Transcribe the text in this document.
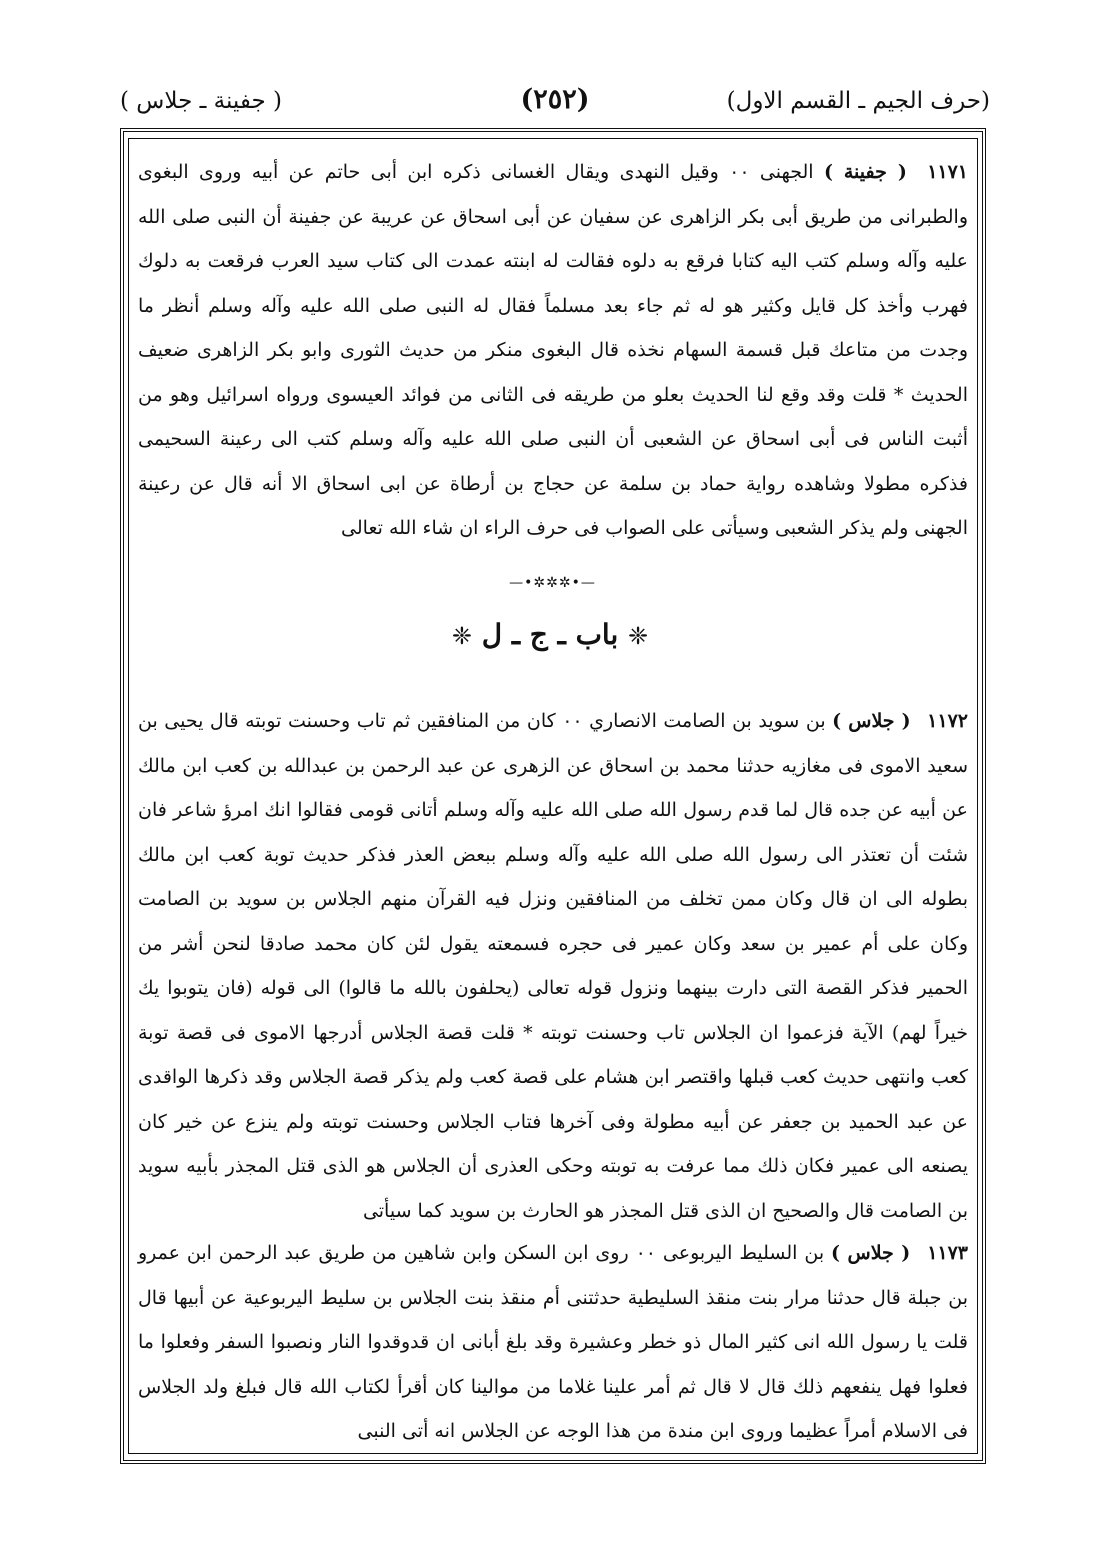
(حرف الجيم ـ القسم الاول)
(٢٥٢)
( جفينة ـ جلاس )

١١٧١ ( جفينة ) الجهنى ٠٠ وقيل النهدى ويقال الغسانى ذكره ابن أبى حاتم عن أبيه وروى البغوى والطبرانى من طريق أبى بكر الزاهرى عن سفيان عن أبى اسحاق عن عريبة عن جفينة أن النبى صلى الله عليه وآله وسلم كتب اليه كتابا فرقع به دلوه فقالت له ابنته عمدت الى كتاب سيد العرب فرقعت به دلوك فهرب وأخذ كل قايل وكثير هو له ثم جاء بعد مسلماً فقال له النبى صلى الله عليه وآله وسلم أنظر ما وجدت من متاعك قبل قسمة السهام نخذه قال البغوى منكر من حديث الثورى وابو بكر الزاهرى ضعيف الحديث * قلت وقد وقع لنا الحديث بعلو من طريقه فى الثانى من فوائد العيسوى ورواه اسرائيل وهو من أثبت الناس فى أبى اسحاق عن الشعبى أن النبى صلى الله عليه وآله وسلم كتب الى رعينة السحيمى فذكره مطولا وشاهده رواية حماد بن سلمة عن حجاج بن أرطاة عن ابى اسحاق الا أنه قال عن رعينة الجهنى ولم يذكر الشعبى وسيأتى على الصواب فى حرف الراء ان شاء الله تعالى

—•✲✲✲•—
❈ باب ـ ج ـ ل ❈

١١٧٢ ( جلاس ) بن سويد بن الصامت الانصاري ٠٠ كان من المنافقين ثم تاب وحسنت توبته قال يحيى بن سعيد الاموى فى مغازيه حدثنا محمد بن اسحاق عن الزهرى عن عبد الرحمن بن عبدالله بن كعب ابن مالك عن أبيه عن جده قال لما قدم رسول الله صلى الله عليه وآله وسلم أتانى قومى فقالوا انك امرؤ شاعر فان شئت أن تعتذر الى رسول الله صلى الله عليه وآله وسلم ببعض العذر فذكر حديث توبة كعب ابن مالك بطوله الى ان قال وكان ممن تخلف من المنافقين ونزل فيه القرآن منهم الجلاس بن سويد بن الصامت وكان على أم عمير بن سعد وكان عمير فى حجره فسمعته يقول لئن كان محمد صادقا لنحن أشر من الحمير فذكر القصة التى دارت بينهما ونزول قوله تعالى (يحلفون بالله ما قالوا) الى قوله (فان يتوبوا يك خيراً لهم) الآية فزعموا ان الجلاس تاب وحسنت توبته * قلت قصة الجلاس أدرجها الاموى فى قصة توبة كعب وانتهى حديث كعب قبلها واقتصر ابن هشام على قصة كعب ولم يذكر قصة الجلاس وقد ذكرها الواقدى عن عبد الحميد بن جعفر عن أبيه مطولة وفى آخرها فتاب الجلاس وحسنت توبته ولم ينزع عن خير كان يصنعه الى عمير فكان ذلك مما عرفت به توبته وحكى العذرى أن الجلاس هو الذى قتل المجذر بأبيه سويد بن الصامت قال والصحيح ان الذى قتل المجذر هو الحارث بن سويد كما سيأتى

١١٧٣ ( جلاس ) بن السليط اليربوعى ٠٠ روى ابن السكن وابن شاهين من طريق عبد الرحمن ابن عمرو بن جبلة قال حدثنا مرار بنت منقذ السليطية حدثتنى أم منقذ بنت الجلاس بن سليط اليربوعية عن أبيها قال قلت يا رسول الله انى كثير المال ذو خطر وعشيرة وقد بلغ أبانى ان قدوقدوا النار ونصبوا السفر وفعلوا ما فعلوا فهل ينفعهم ذلك قال لا قال ثم أمر علينا غلاما من موالينا كان أقرأ لكتاب الله قال فبلغ ولد الجلاس فى الاسلام أمراً عظيما وروى ابن مندة من هذا الوجه عن الجلاس انه أتى النبى
